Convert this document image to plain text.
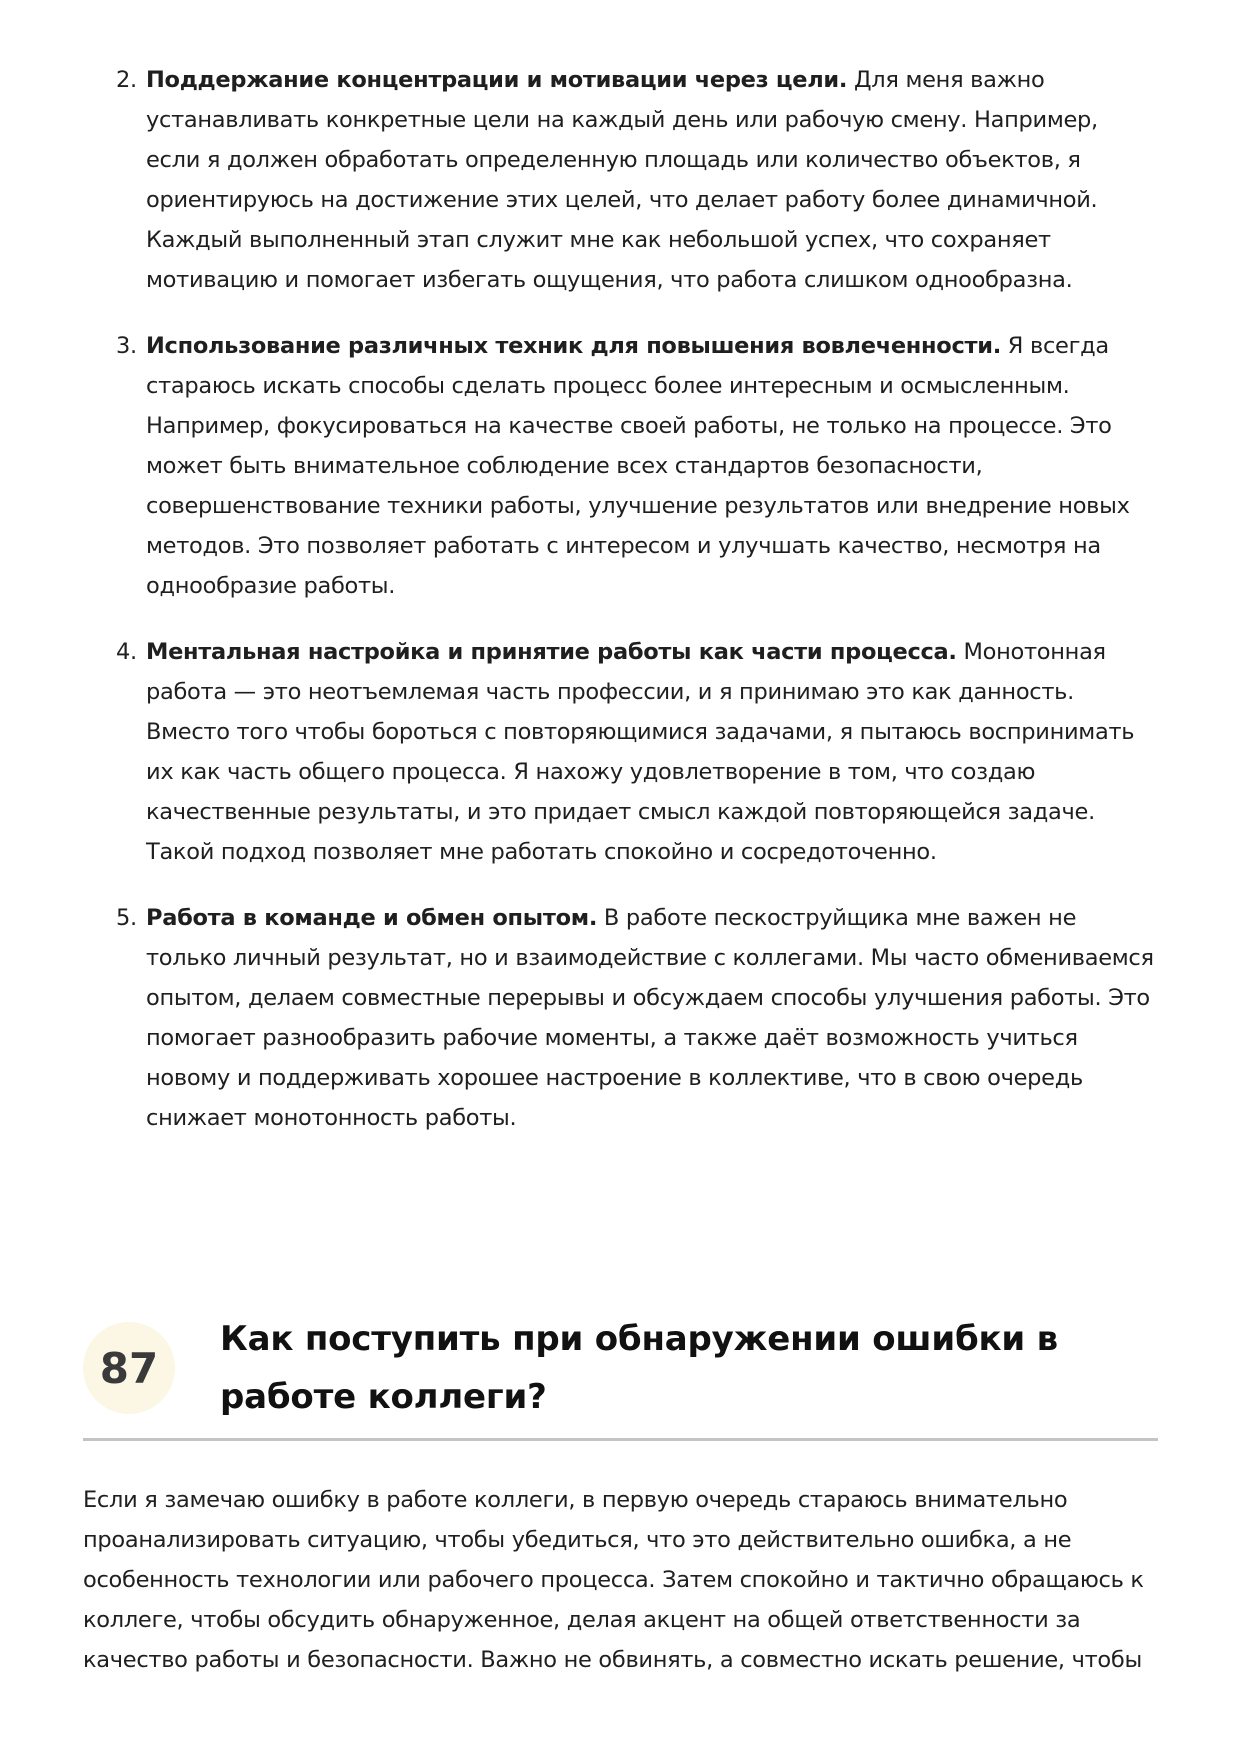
2. Поддержание концентрации и мотивации через цели. Для меня важно устанавливать конкретные цели на каждый день или рабочую смену. Например, если я должен обработать определенную площадь или количество объектов, я ориентируюсь на достижение этих целей, что делает работу более динамичной. Каждый выполненный этап служит мне как небольшой успех, что сохраняет мотивацию и помогает избегать ощущения, что работа слишком однообразна.
3. Использование различных техник для повышения вовлеченности. Я всегда стараюсь искать способы сделать процесс более интересным и осмысленным. Например, фокусироваться на качестве своей работы, не только на процессе. Это может быть внимательное соблюдение всех стандартов безопасности, совершенствование техники работы, улучшение результатов или внедрение новых методов. Это позволяет работать с интересом и улучшать качество, несмотря на однообразие работы.
4. Ментальная настройка и принятие работы как части процесса. Монотонная работа — это неотъемлемая часть профессии, и я принимаю это как данность. Вместо того чтобы бороться с повторяющимися задачами, я пытаюсь воспринимать их как часть общего процесса. Я нахожу удовлетворение в том, что создаю качественные результаты, и это придает смысл каждой повторяющейся задаче. Такой подход позволяет мне работать спокойно и сосредоточенно.
5. Работа в команде и обмен опытом. В работе пескоструйщика мне важен не только личный результат, но и взаимодействие с коллегами. Мы часто обмениваемся опытом, делаем совместные перерывы и обсуждаем способы улучшения работы. Это помогает разнообразить рабочие моменты, а также даёт возможность учиться новому и поддерживать хорошее настроение в коллективе, что в свою очередь снижает монотонность работы.
87
Как поступить при обнаружении ошибки в работе коллеги?

Если я замечаю ошибку в работе коллеги, в первую очередь стараюсь внимательно проанализировать ситуацию, чтобы убедиться, что это действительно ошибка, а не особенность технологии или рабочего процесса. Затем спокойно и тактично обращаюсь к коллеге, чтобы обсудить обнаруженное, делая акцент на общей ответственности за качество работы и безопасности. Важно не обвинять, а совместно искать решение, чтобы
